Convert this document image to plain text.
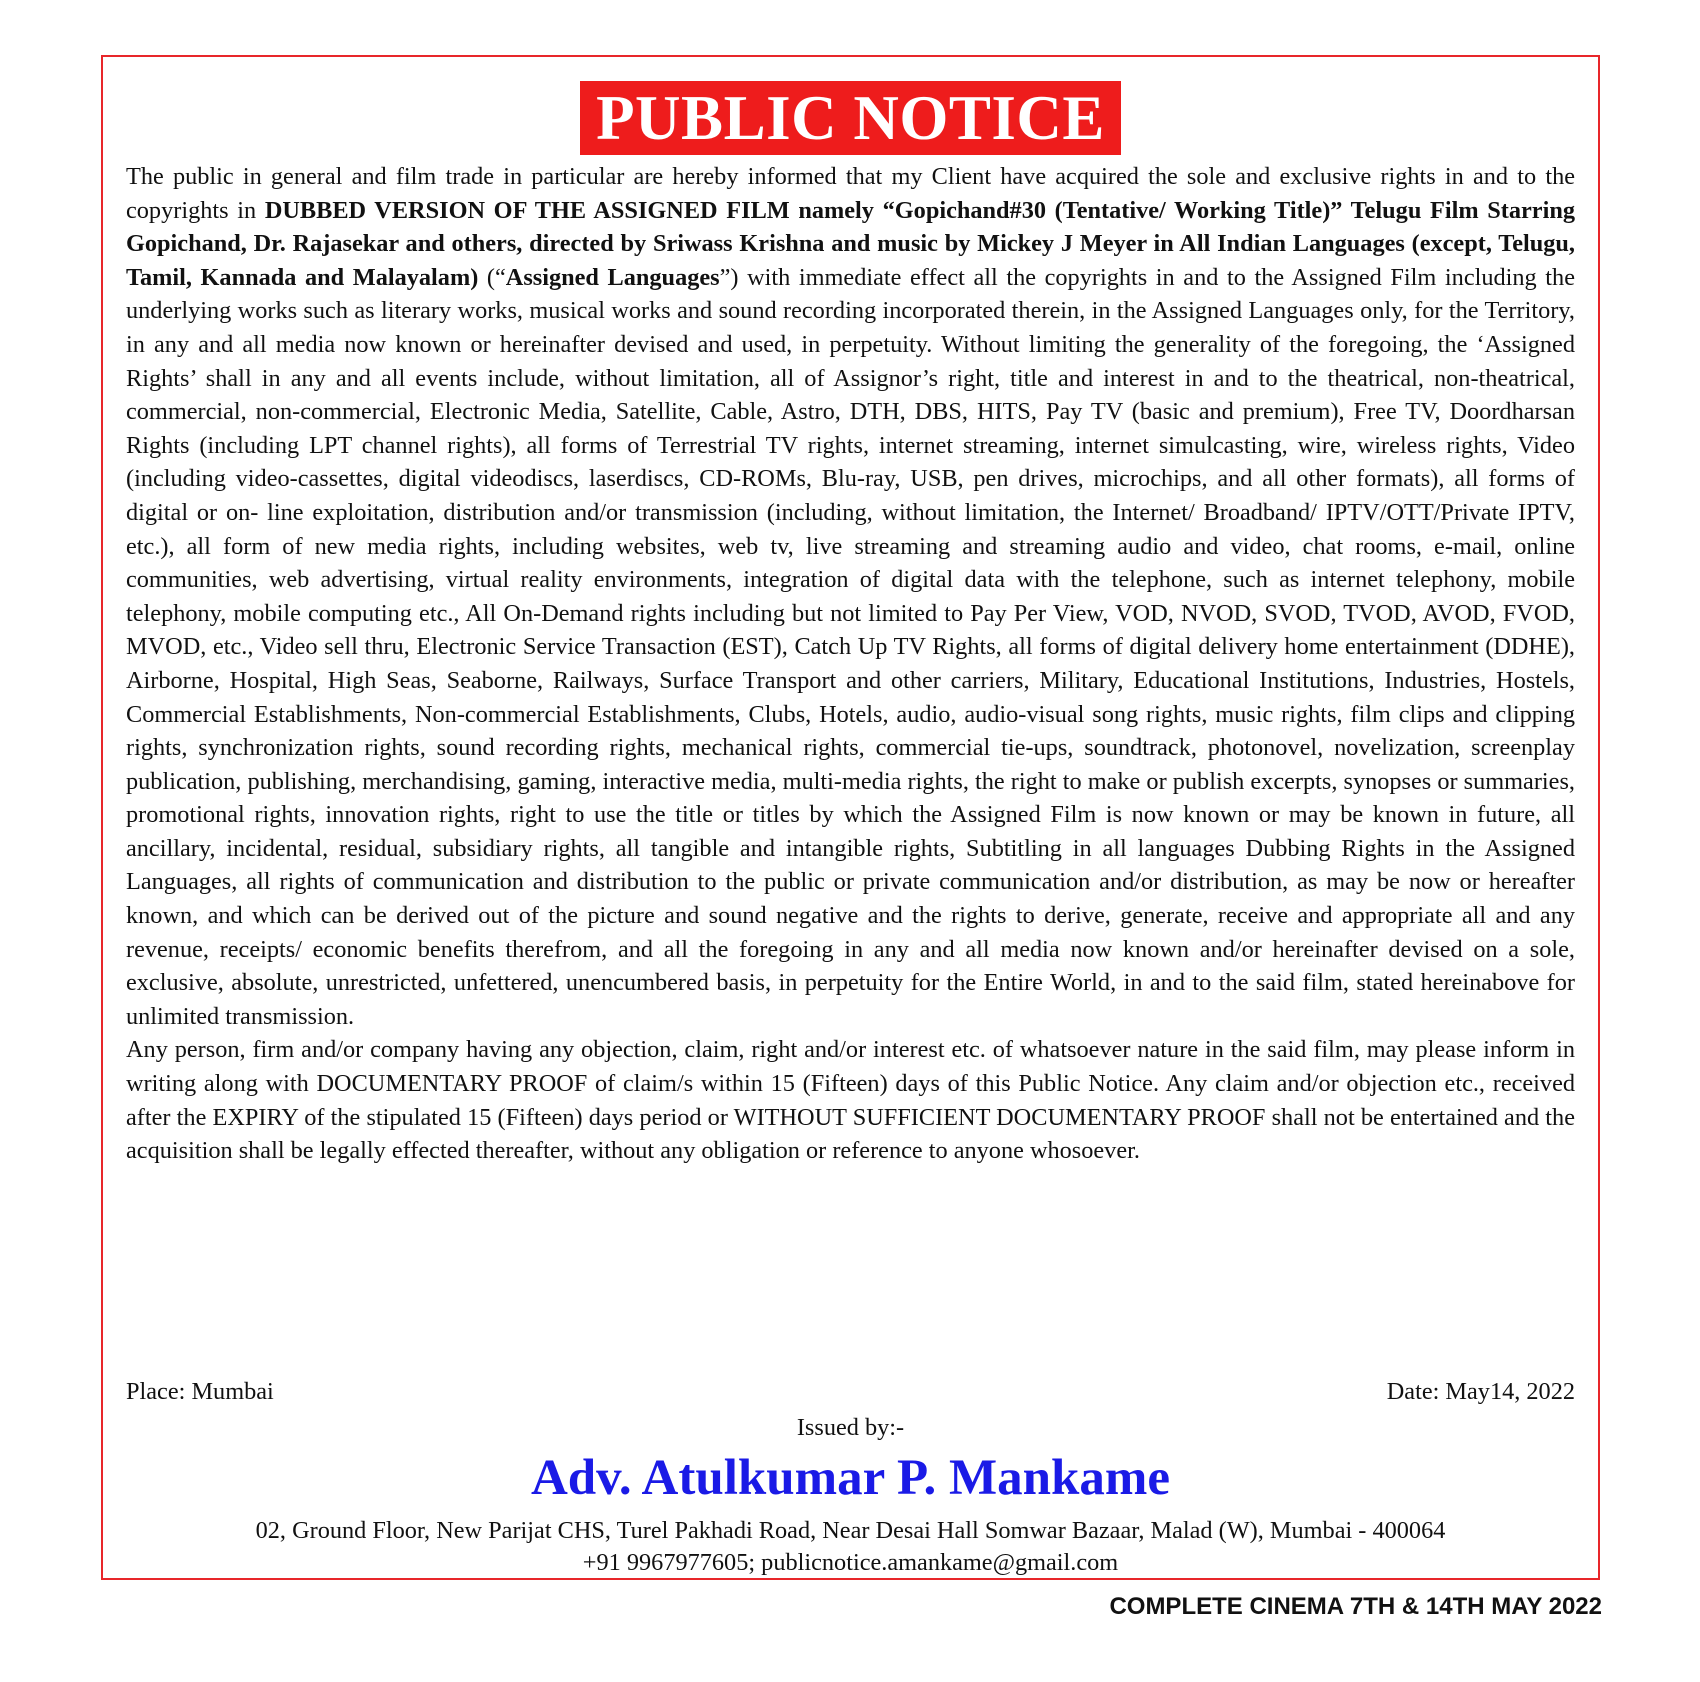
PUBLIC NOTICE

The public in general and film trade in particular are hereby informed that my Client have acquired the sole and exclusive rights in and to the copyrights in DUBBED VERSION OF THE ASSIGNED FILM namely “Gopichand#30 (Tentative/ Working Title)” Telugu Film Starring Gopichand, Dr. Rajasekar and others, directed by Sriwass Krishna and music by Mickey J Meyer in All Indian Languages (except, Telugu, Tamil, Kannada and Malayalam) (“Assigned Languages”) with immediate effect all the copyrights in and to the Assigned Film including the underlying works such as literary works, musical works and sound recording incorporated therein, in the Assigned Languages only, for the Territory, in any and all media now known or hereinafter devised and used, in perpetuity. Without limiting the generality of the foregoing, the ‘Assigned Rights’ shall in any and all events include, without limitation, all of Assignor’s right, title and interest in and to the theatrical, non-theatrical, commercial, non-commercial, Electronic Media, Satellite, Cable, Astro, DTH, DBS, HITS, Pay TV (basic and premium), Free TV, Doordharsan Rights (including LPT channel rights), all forms of Terrestrial TV rights, internet streaming, internet simulcasting, wire, wireless rights, Video (including video-cassettes, digital videodiscs, laserdiscs, CD-ROMs, Blu-ray, USB, pen drives, microchips, and all other formats), all forms of digital or on- line exploitation, distribution and/or transmission (including, without limitation, the Internet/ Broadband/ IPTV/OTT/Private IPTV, etc.), all form of new media rights, including websites, web tv, live streaming and streaming audio and video, chat rooms, e-mail, online communities, web advertising, virtual reality environments, integration of digital data with the telephone, such as internet telephony, mobile telephony, mobile computing etc., All On-Demand rights including but not limited to Pay Per View, VOD, NVOD, SVOD, TVOD, AVOD, FVOD, MVOD, etc., Video sell thru, Electronic Service Transaction (EST), Catch Up TV Rights, all forms of digital delivery home entertainment (DDHE), Airborne, Hospital, High Seas, Seaborne, Railways, Surface Transport and other carriers, Military, Educational Institutions, Industries, Hostels, Commercial Establishments, Non-commercial Establishments, Clubs, Hotels, audio, audio-visual song rights, music rights, film clips and clipping rights, synchronization rights, sound recording rights, mechanical rights, commercial tie-ups, soundtrack, photonovel, novelization, screenplay publication, publishing, merchandising, gaming, interactive media, multi-media rights, the right to make or publish excerpts, synopses or summaries, promotional rights, innovation rights, right to use the title or titles by which the Assigned Film is now known or may be known in future, all ancillary, incidental, residual, subsidiary rights, all tangible and intangible rights, Subtitling in all languages Dubbing Rights in the Assigned Languages, all rights of communication and distribution to the public or private communication and/or distribution, as may be now or hereafter known, and which can be derived out of the picture and sound negative and the rights to derive, generate, receive and appropriate all and any revenue, receipts/ economic benefits therefrom, and all the foregoing in any and all media now known and/or hereinafter devised on a sole, exclusive, absolute, unrestricted, unfettered, unencumbered basis, in perpetuity for the Entire World, in and to the said film, stated hereinabove for unlimited transmission.

Any person, firm and/or company having any objection, claim, right and/or interest etc. of whatsoever nature in the said film, may please inform in writing along with DOCUMENTARY PROOF of claim/s within 15 (Fifteen) days of this Public Notice. Any claim and/or objection etc., received after the EXPIRY of the stipulated 15 (Fifteen) days period or WITHOUT SUFFICIENT DOCUMENTARY PROOF shall not be entertained and the acquisition shall be legally effected thereafter, without any obligation or reference to anyone whosoever.

Place: Mumbai	Date: May14, 2022
Issued by:-
Adv. Atulkumar P. Mankame
02, Ground Floor, New Parijat CHS, Turel Pakhadi Road, Near Desai Hall Somwar Bazaar, Malad (W), Mumbai - 400064
+91 9967977605; publicnotice.amankame@gmail.com
COMPLETE CINEMA 7TH & 14TH MAY 2022
